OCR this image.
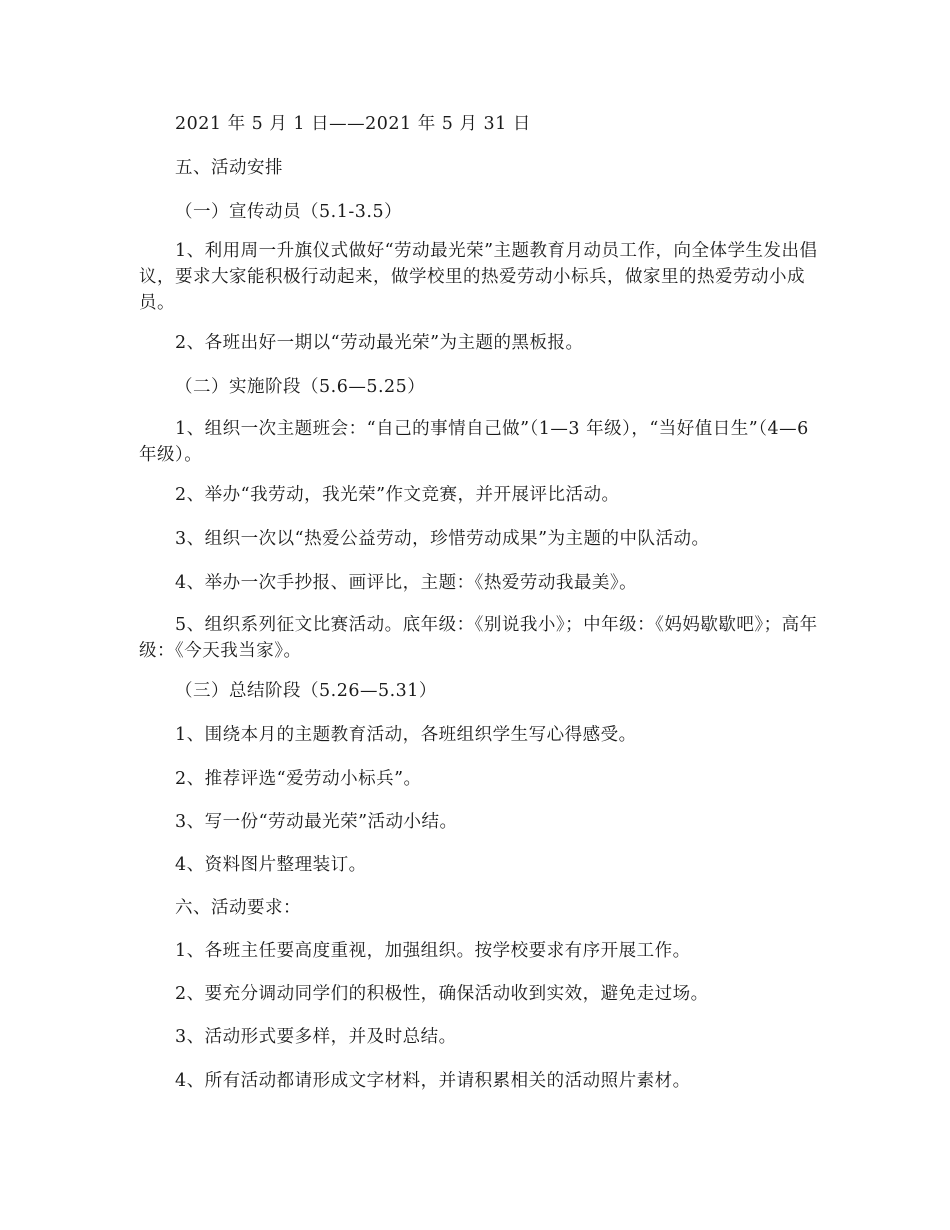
2021 年 5 月 1 日——2021 年 5 月 31 日

五、活动安排

（一）宣传动员（5.1-3.5）

1、利用周一升旗仪式做好“劳动最光荣”主题教育月动员工作，向全体学生发出倡议，要求大家能积极行动起来，做学校里的热爱劳动小标兵，做家里的热爱劳动小成员。

2、各班出好一期以“劳动最光荣”为主题的黑板报。

（二）实施阶段（5.6—5.25）

1、组织一次主题班会：“自己的事情自己做”（1—3 年级），“当好值日生”（4—6 年级）。

2、举办“我劳动，我光荣”作文竞赛，并开展评比活动。

3、组织一次以“热爱公益劳动，珍惜劳动成果”为主题的中队活动。

4、举办一次手抄报、画评比，主题：《热爱劳动我最美》。

5、组织系列征文比赛活动。底年级：《别说我小》；中年级：《妈妈歇歇吧》；高年级：《今天我当家》。

（三）总结阶段（5.26—5.31）

1、围绕本月的主题教育活动，各班组织学生写心得感受。

2、推荐评选“爱劳动小标兵”。

3、写一份“劳动最光荣”活动小结。

4、资料图片整理装订。

六、活动要求：

1、各班主任要高度重视，加强组织。按学校要求有序开展工作。

2、要充分调动同学们的积极性，确保活动收到实效，避免走过场。

3、活动形式要多样，并及时总结。

4、所有活动都请形成文字材料，并请积累相关的活动照片素材。
